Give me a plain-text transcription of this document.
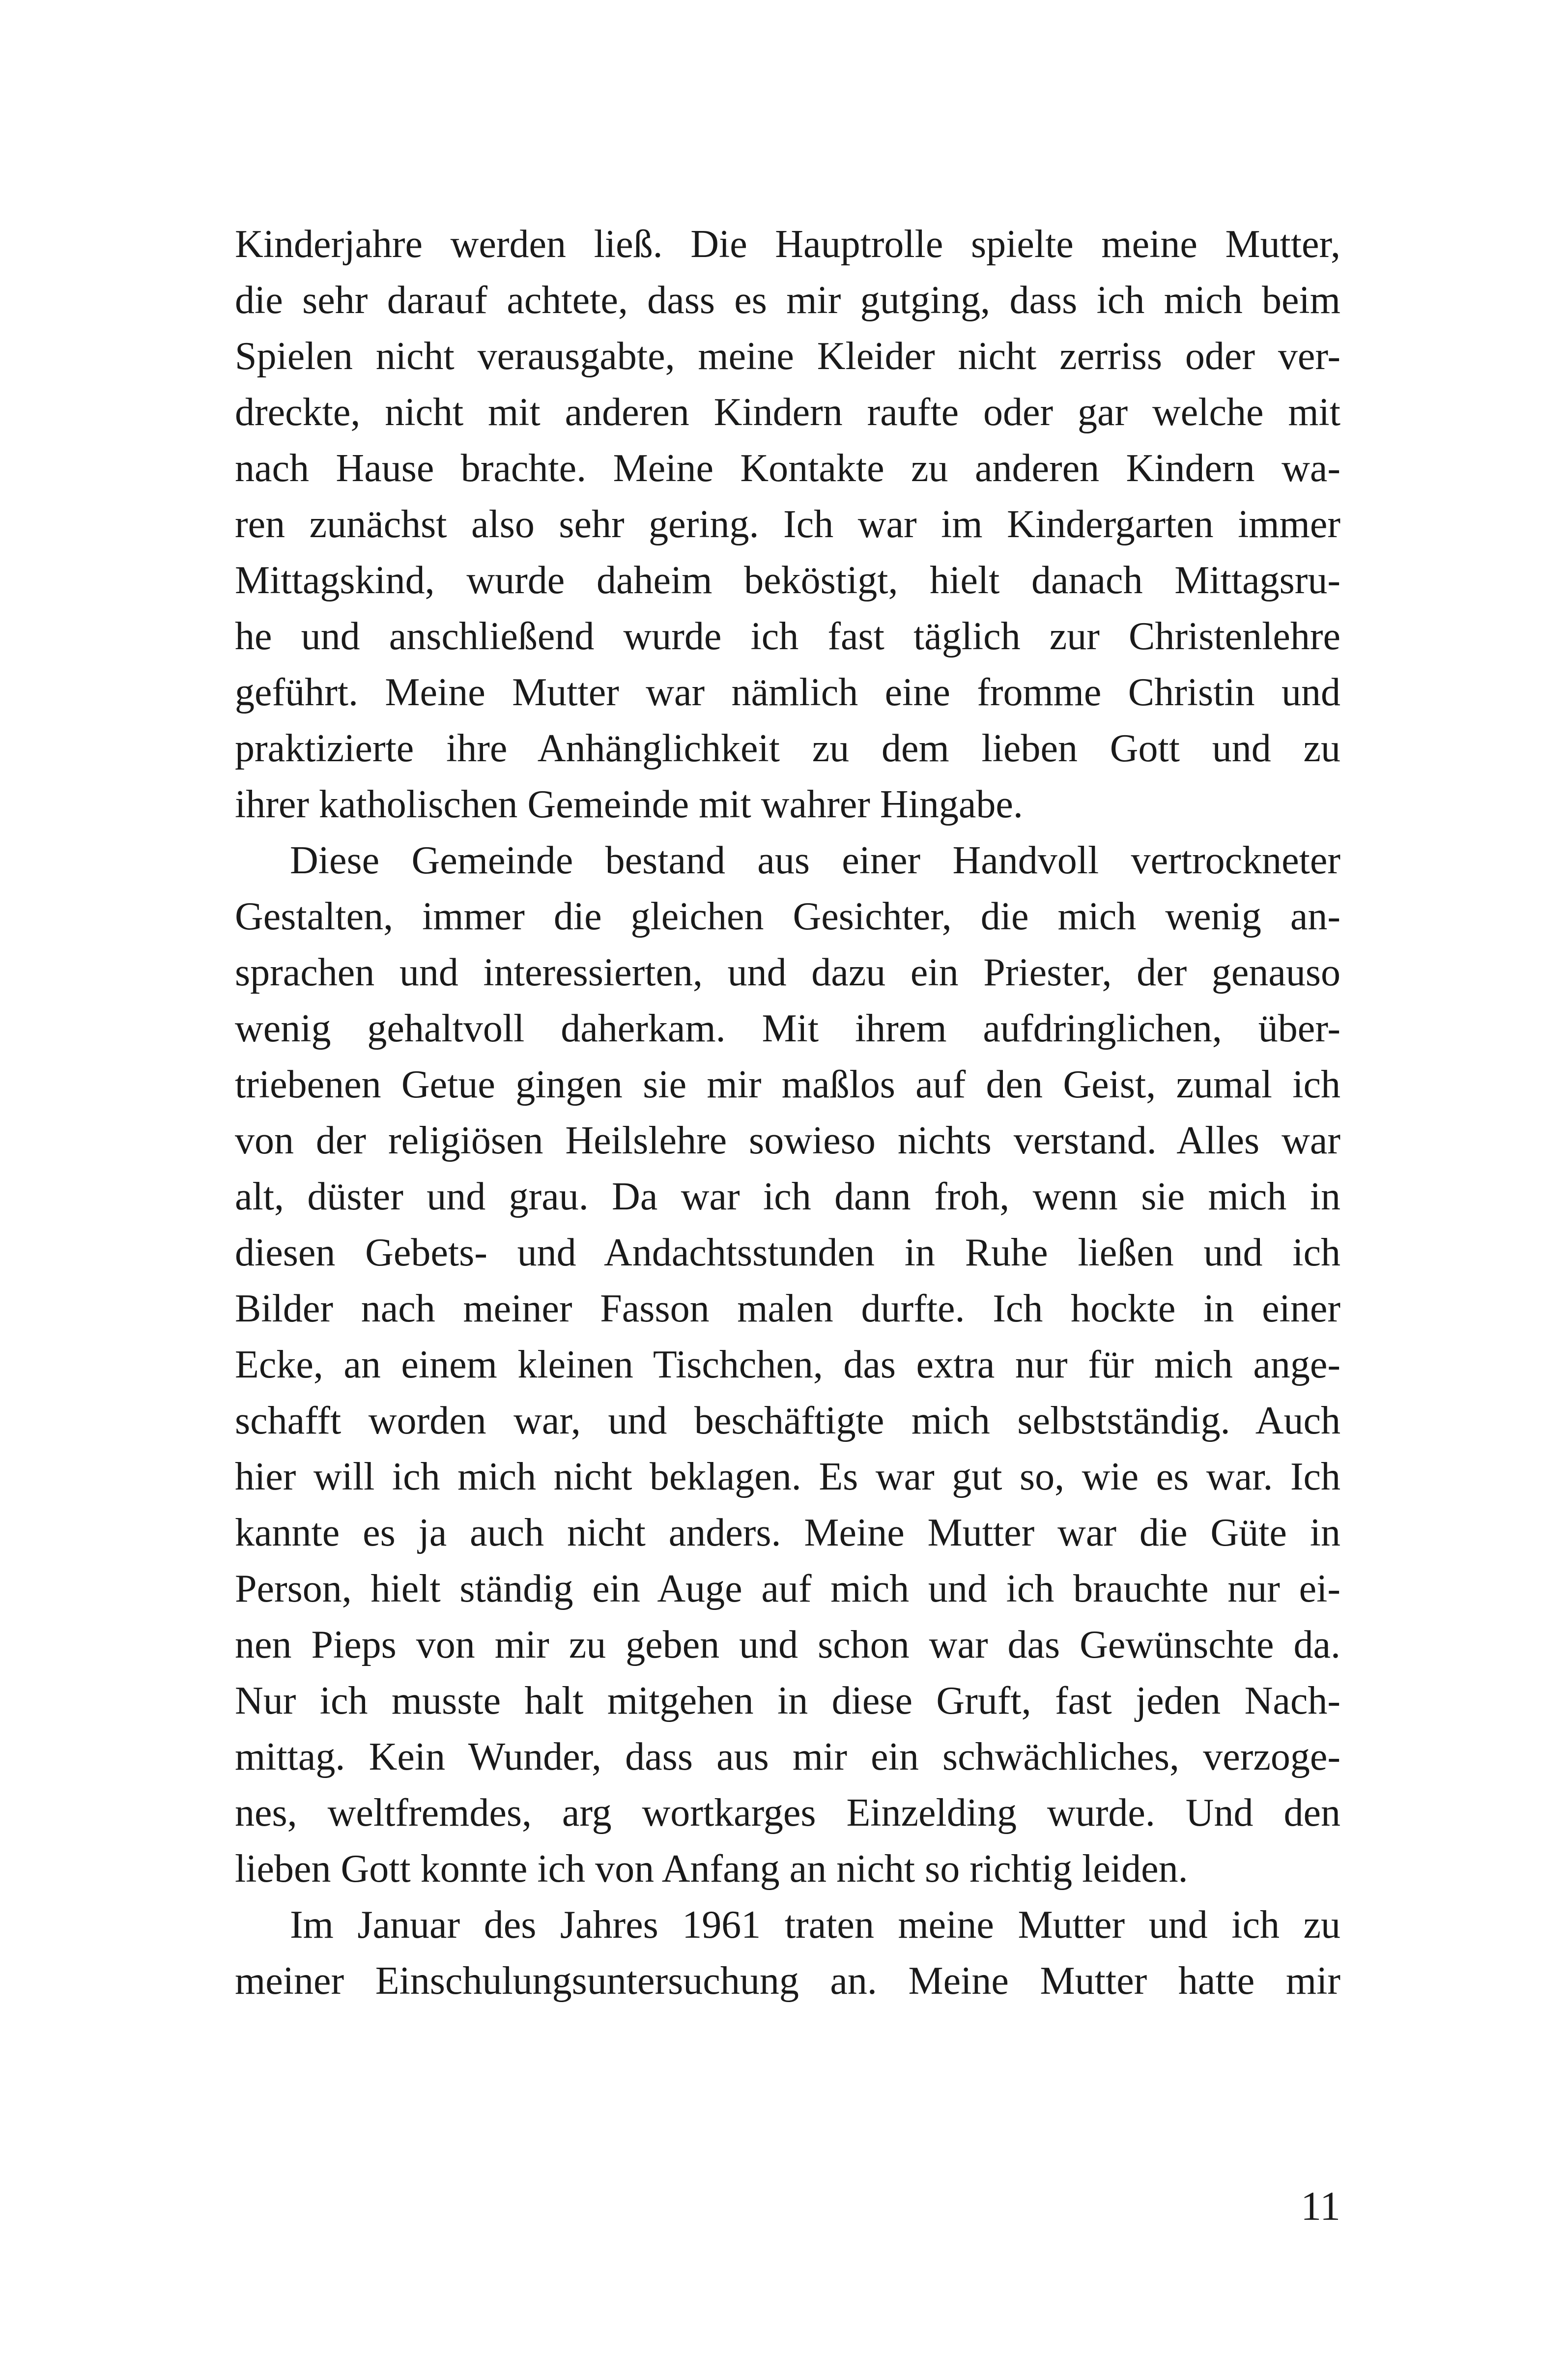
Kinderjahre werden ließ. Die Hauptrolle spielte meine Mutter,
die sehr darauf achtete, dass es mir gutging, dass ich mich beim
Spielen nicht verausgabte, meine Kleider nicht zerriss oder ver-
dreckte, nicht mit anderen Kindern raufte oder gar welche mit
nach Hause brachte. Meine Kontakte zu anderen Kindern wa-
ren zunächst also sehr gering. Ich war im Kindergarten immer
Mittagskind, wurde daheim beköstigt, hielt danach Mittagsru-
he und anschließend wurde ich fast täglich zur Christenlehre
geführt. Meine Mutter war nämlich eine fromme Christin und
praktizierte ihre Anhänglichkeit zu dem lieben Gott und zu
ihrer katholischen Gemeinde mit wahrer Hingabe.
Diese Gemeinde bestand aus einer Handvoll vertrockneter
Gestalten, immer die gleichen Gesichter, die mich wenig an-
sprachen und interessierten, und dazu ein Priester, der genauso
wenig gehaltvoll daherkam. Mit ihrem aufdringlichen, über-
triebenen Getue gingen sie mir maßlos auf den Geist, zumal ich
von der religiösen Heilslehre sowieso nichts verstand. Alles war
alt, düster und grau. Da war ich dann froh, wenn sie mich in
diesen Gebets- und Andachtsstunden in Ruhe ließen und ich
Bilder nach meiner Fasson malen durfte. Ich hockte in einer
Ecke, an einem kleinen Tischchen, das extra nur für mich ange-
schafft worden war, und beschäftigte mich selbstständig. Auch
hier will ich mich nicht beklagen. Es war gut so, wie es war. Ich
kannte es ja auch nicht anders. Meine Mutter war die Güte in
Person, hielt ständig ein Auge auf mich und ich brauchte nur ei-
nen Pieps von mir zu geben und schon war das Gewünschte da.
Nur ich musste halt mitgehen in diese Gruft, fast jeden Nach-
mittag. Kein Wunder, dass aus mir ein schwächliches, verzoge-
nes, weltfremdes, arg wortkarges Einzelding wurde. Und den
lieben Gott konnte ich von Anfang an nicht so richtig leiden.
Im Januar des Jahres 1961 traten meine Mutter und ich zu
meiner Einschulungsuntersuchung an. Meine Mutter hatte mir
11
